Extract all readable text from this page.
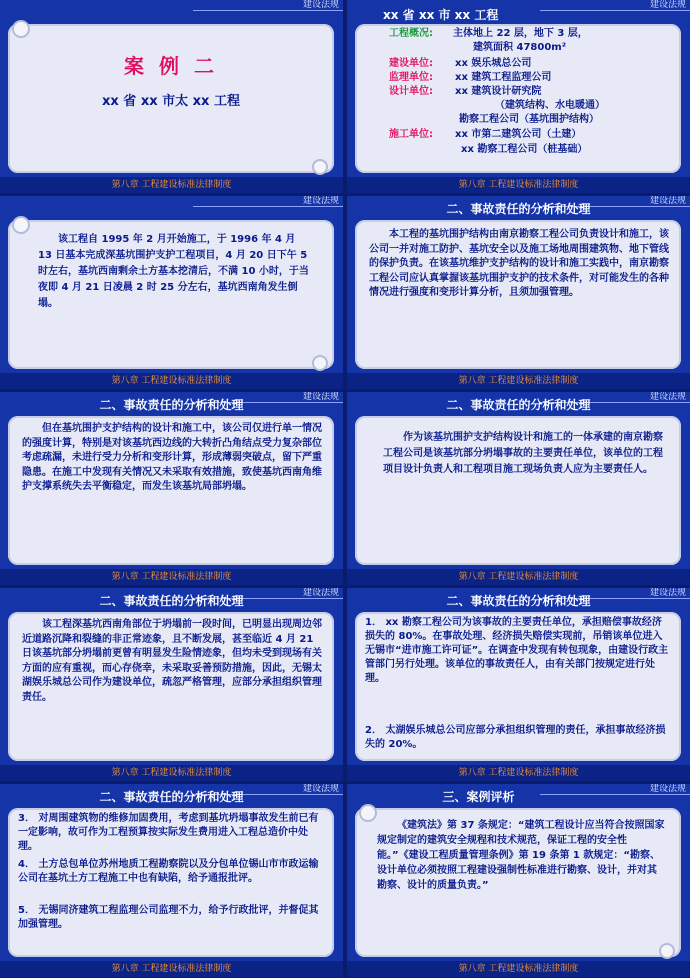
建设法规
案 例 二
xx 省 xx 市太 xx 工程
第八章 工程建设标准法律制度
建设法规
xx 省 xx 市 xx 工程
工程概况: 主体地上 22 层，地下 3 层，
建筑面积 47800m²
建设单位: xx 娱乐城总公司
监理单位: xx 建筑工程监理公司
设计单位: xx 建筑设计研究院
（建筑结构、水电暖通）
勘察工程公司（基坑围护结构）
施工单位: xx 市第二建筑公司（土建）
xx 勘察工程公司（桩基础）
第八章 工程建设标准法律制度
建设法规
该工程自 1995 年 2 月开始施工，于 1996 年 4 月 13 日基本完成深基坑围护支护工程项目，4 月 20 日下午 5 时左右，基坑西南剩余土方基本挖清后，不满 10 小时，于当夜即 4 月 21 日凌晨 2 时 25 分左右，基坑西南角发生倒塌。
第八章 工程建设标准法律制度
建设法规
二、事故责任的分析和处理
本工程的基坑围护结构由南京勘察工程公司负责设计和施工，该公司一并对施工防护、基坑安全以及施工场地周围建筑物、地下管线的保护负责。在该基坑维护支护结构的设计和施工实践中，南京勘察工程公司应认真掌握该基坑围护支护的技术条件，对可能发生的各种情况进行强度和变形计算分析，且须加强管理。
第八章 工程建设标准法律制度
建设法规
二、事故责任的分析和处理
但在基坑围护支护结构的设计和施工中，该公司仅进行单一情况的强度计算，特别是对该基坑西边线的大转折凸角结点受力复杂部位考虑疏漏，未进行受力分析和变形计算，形成薄弱突破点，留下严重隐患。在施工中发现有关情况又未采取有效措施，致使基坑西南角维护支撑系统失去平衡稳定，而发生该基坑局部坍塌。
第八章 工程建设标准法律制度
建设法规
二、事故责任的分析和处理
作为该基坑围护支护结构设计和施工的一体承建的南京勘察工程公司是该基坑部分坍塌事故的主要责任单位，该单位的工程项目设计负责人和工程项目施工现场负责人应为主要责任人。
第八章 工程建设标准法律制度
建设法规
二、事故责任的分析和处理
该工程深基坑西南角部位于坍塌前一段时间，已明显出现周边邻近道路沉降和裂缝的非正常迹象，且不断发展，甚至临近 4 月 21 日该基坑部分坍塌前更曾有明显发生险情迹象，但均未受到现场有关方面的应有重视，而心存侥幸，未采取妥善预防措施，因此，无锡太湖娱乐城总公司作为建设单位，疏忽严格管理，应部分承担组织管理责任。
第八章 工程建设标准法律制度
建设法规
二、事故责任的分析和处理
1． xx 勘察工程公司为该事故的主要责任单位，承担赔偿事故经济损失的 80%。在事故处理、经济损失赔偿实现前，吊销该单位进入无锡市“进市施工许可证”。在调查中发现有转包现象，由建设行政主管部门另行处理。该单位的事故责任人，由有关部门按规定进行处理。
2． 太湖娱乐城总公司应部分承担组织管理的责任，承担事故经济损失的 20%。
第八章 工程建设标准法律制度
建设法规
二、事故责任的分析和处理
3． 对周围建筑物的维修加固费用，考虑到基坑坍塌事故发生前已有一定影响，故可作为工程预算按实际发生费用进入工程总造价中处理。
4． 土方总包单位苏州地质工程勘察院以及分包单位锡山市市政运输公司在基坑土方工程施工中也有缺陷，给予通报批评。
5． 无锡同济建筑工程监理公司监理不力，给予行政批评，并督促其加强管理。
第八章 工程建设标准法律制度
建设法规
三、案例评析
《建筑法》第 37 条规定：“建筑工程设计应当符合按照国家规定制定的建筑安全规程和技术规范，保证工程的安全性能。”《建设工程质量管理条例》第 19 条第 1 款规定：“勘察、设计单位必须按照工程建设强制性标准进行勘察、设计，并对其勘察、设计的质量负责。”
第八章 工程建设标准法律制度
